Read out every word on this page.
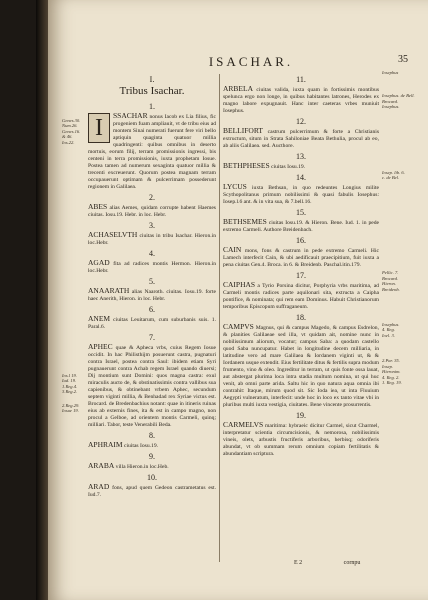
ISACHAR.	35
I.
Tribus Isachar.
1.
I	SSACHAR nonus Iacob ex Lia filius, fic progeniem fuam ampliauit, vt de tribu eius ad montem Sinai numerati fuerunt fere viri bello aptiquin quaginta quatuor millia quadringenti: quibus omnibus in deserto mortuis, eorum filij, terram promissionis ingressi, bis centeni in terra promissionis, iuxta prophetam Iosue. Postea tamen ad numerum sexaginta quatuor millia & trecenti excreuerunt. Quorum postea magnam terram occupauerunt optimam & pulcerrimam possederunt regionem in Galilaea.
2.
ABES alias Aemes, quidam corrupte habent Haemes ciuitas. Iosu.19. Hebr. in loc. Hebr.
3.
ACHASELVTH ciuitas in tribu Isachar. Hieron.in loc.Hebr.
4.
AGAD fita ad radices montis Hermon. Hieron.in loc.Hebr.
5.
ANAARATH alias Naaroth. ciuitas. Iosu.19. forte haec Anerith, Hieron. in loc. Hebr.
6.
ANEM ciuitas Leuitarum, cum suburbanis suis. 1. Paral.6.
7.
APHEC quae & Apheca vrbs, cuius Regem Iosue occidit. In hac Philisthijm posuerunt castra, pugnaturi contra Israel, postea contra Saul: ibidem etiam Syri pugnauerunt contra Achab regem Israel quando diuersi; Dij montium sunt Domini: quos magna castra: exul miraculis aucto de, & obstinatissimis contra vallibus sua capienibus, & obtinebant vrbem Aphec, secundum septem viginti millia, & Benhadad rex Syriae victus est. Brocard. de Bredenbachius notant: quae in itineris ruinas eius ab externis fines, ita & est in campo magno, non procul a Gelboe, ad orientem montis Carmeli, quinq; milliari. Tabor, teste Venerabili Beda.
8.
APHRAIM ciuitas Iosu.19.
9.
ARABA villa Hieron.in loc.Heb.
10.
ARAD fons, apud quem Gedeon castrametatus est. Iud.7.
11.
ARBELA ciuitas valida, iuxta quam in fortissimis montibus spelunca ergo non longe, in quibus habitantes latrones, Herodes ex magno labore expugnauit. Hanc inter caeteras vrbes muniuit Iosephus.
12.
BELLIFORT castrum pulcerrimum & forte a Christianis extructum, situm in Strata Sahiloniae Beata Bethulia, procul ab eo, ab aliis Galilaea. sed. Aucthore.
13.
BETHPHESES ciuitas Iosu.19.
14.
LYCUS iuxta Bethsan, in quo redeuntes Longius milite Scythopolitanus primum nobilissimi & quasi fabulis Iosephus: Iosep.l.6 ant. & in vita sua, & 7.bell.16.
15.
BETHSEMES ciuitas Iosu.19. & Hieron. Bene. Iud. 1. in pede extremo Carmeli. Authore Breidenbach.
16.
CAIN mons, fons & castrum in pede extremo Carmeli. Hic Lamech interfecit Cain, & ubi aedificauit praecipitium, fuit iuxta a pena ciuitas Gen.4. Broca. in 6. & Breidenb. Paschal.itin.179.
17.
CAIPHAS a Tyrio Porsina dicitur, Porphyria vrbs maritima, ad Carmeli montis radices parte aquilonari sita, extructa a Caipha pontifice, & nominata; qui rem eam Dominus. Habuit Christianorum temporibus Episcopum suffraganeum.
18.
CAMPVS Magnus, qui & campus Magedo, & campus Esdrelon, & planities Galilaeae sed illa, vt quidam ait, nomine nunc in nobilissimum aliorum, vocatur; campus Saba: a quodam castello quod Saba nuncupatur. Habet in longitudine decem milliaria, in latitudine vero ad mare Galilaea & Iordanem viginti ut, & & Iordanem usque extendit. Eius fertilitate ditus & fertilis supra modum frumento, vino & oleo. Ingreditur in terram, ut quis fonte ossa lauat, aut abstergat plurima loca intra stadia multum nomina, ut qui huc venit, ab omni parte arida. Saltu hic in quo natura aqua omnia ibi contrahit: Itaque, mirum quod sit. Sic Ioda iea, ut inta Fluuium Aegypti vulneratum, interfecit: unde hoc in loco ex tanto vitae vbi in pluribus multi iuxta vestigia, ciuitates. Bene vincente prosurrentis.
19.
CARMELVS maritima: hybraeic dicitur Carmel, sicut Charmel, interpretatur scientia circumcisionis, & nemorosa, nobilissimis vineis, olets, arbustis fructiferis arboribus, herbisq; odoriferis abundat, vt ob summam rerum omnium copiam fertilitatis & abundantiam scriptura.
Genes.30.
Num.26.
Genes.16.
& 46.
Ios.22.
Ios.l 19.
Iud. 19.
1.Reg.4.
3.Reg.2.
2.Reg.29.
Iosue 19.
Iosephus
Iosephus. de Bell.
Brocard.
Iosephus.
Iosep. lib. 6.
c. de Bel.
Pellic. 7.
Brocard.
Hieron.
Breidenb.
Iosephus.
4. Reg.
Ioel. 3.
2.Par. 35.
Iosep.
Hieronim.
4. Reg. 2.
1. Reg. 19.
E 2	cornpu
